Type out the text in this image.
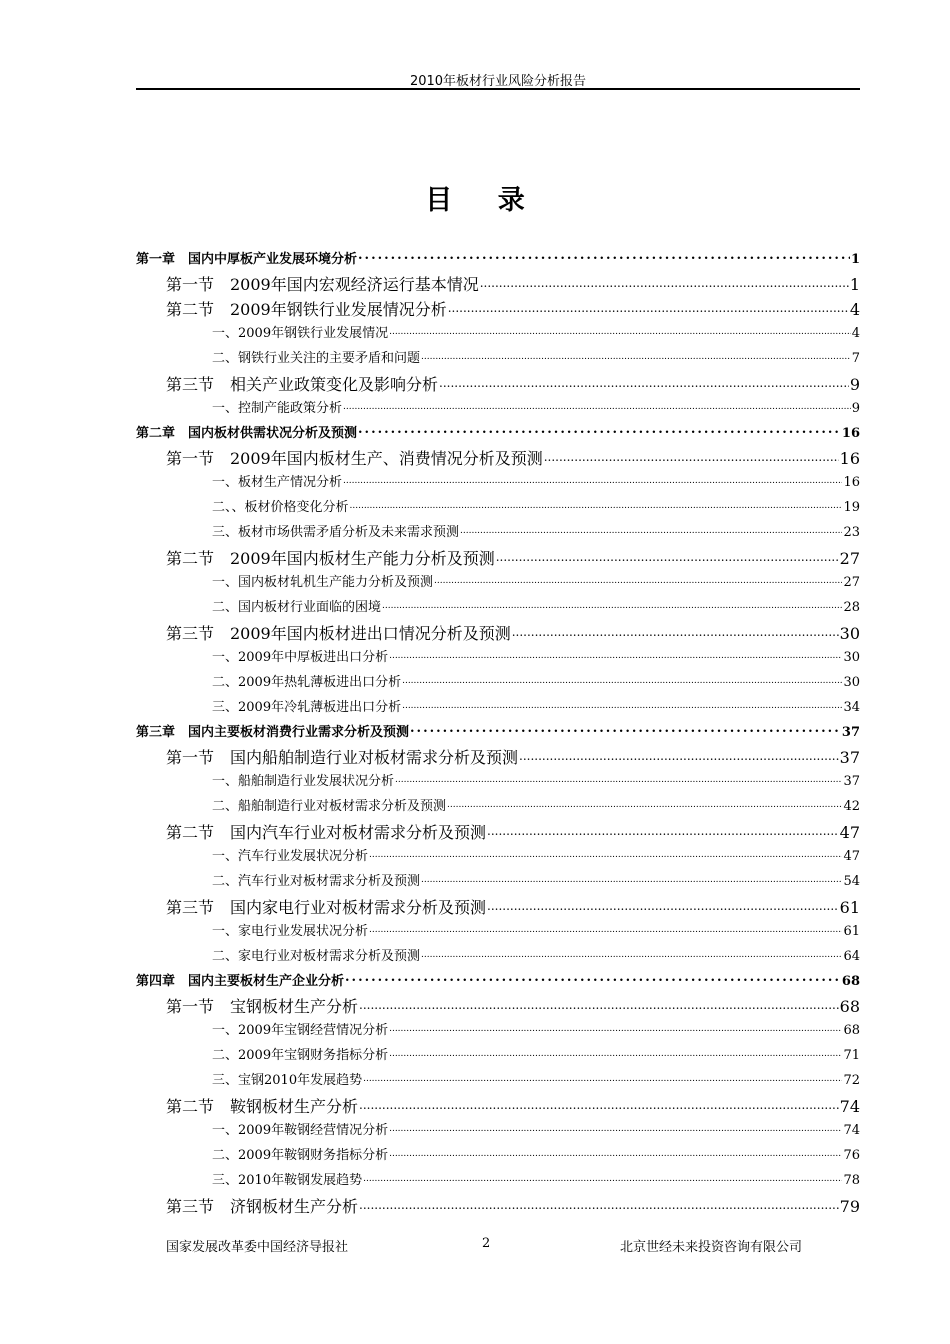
2010年板材行业风险分析报告
目 录
第一章　国内中厚板产业发展环境分析 .....	1
第一节　2009年国内宏观经济运行基本情况 .....	1
第二节　2009年钢铁行业发展情况分析 .....	4
一、2009年钢铁行业发展情况 .....	4
二、钢铁行业关注的主要矛盾和问题 .....	7
第三节　相关产业政策变化及影响分析 .....	9
一、控制产能政策分析 .....	9
第二章　国内板材供需状况分析及预测 .....	16
第一节　2009年国内板材生产、消费情况分析及预测 .....	16
一、板材生产情况分析 .....	16
二、、板材价格变化分析 .....	19
三、板材市场供需矛盾分析及未来需求预测 .....	23
第二节　2009年国内板材生产能力分析及预测 .....	27
一、国内板材轧机生产能力分析及预测 .....	27
二、国内板材行业面临的困境 .....	28
第三节　2009年国内板材进出口情况分析及预测 .....	30
一、2009年中厚板进出口分析 .....	30
二、2009年热轧薄板进出口分析 .....	30
三、2009年冷轧薄板进出口分析 .....	34
第三章　国内主要板材消费行业需求分析及预测 .....	37
第一节　国内船舶制造行业对板材需求分析及预测 .....	37
一、船舶制造行业发展状况分析 .....	37
二、船舶制造行业对板材需求分析及预测 .....	42
第二节　国内汽车行业对板材需求分析及预测 .....	47
一、汽车行业发展状况分析 .....	47
二、汽车行业对板材需求分析及预测 .....	54
第三节　国内家电行业对板材需求分析及预测 .....	61
一、家电行业发展状况分析 .....	61
二、家电行业对板材需求分析及预测 .....	64
第四章　国内主要板材生产企业分析 .....	68
第一节　宝钢板材生产分析 .....	68
一、2009年宝钢经营情况分析 .....	68
二、2009年宝钢财务指标分析 .....	71
三、宝钢2010年发展趋势 .....	72
第二节　鞍钢板材生产分析 .....	74
一、2009年鞍钢经营情况分析 .....	74
二、2009年鞍钢财务指标分析 .....	76
三、2010年鞍钢发展趋势 .....	78
第三节　济钢板材生产分析 .....	79
国家发展改革委中国经济导报社	2	北京世经未来投资咨询有限公司
